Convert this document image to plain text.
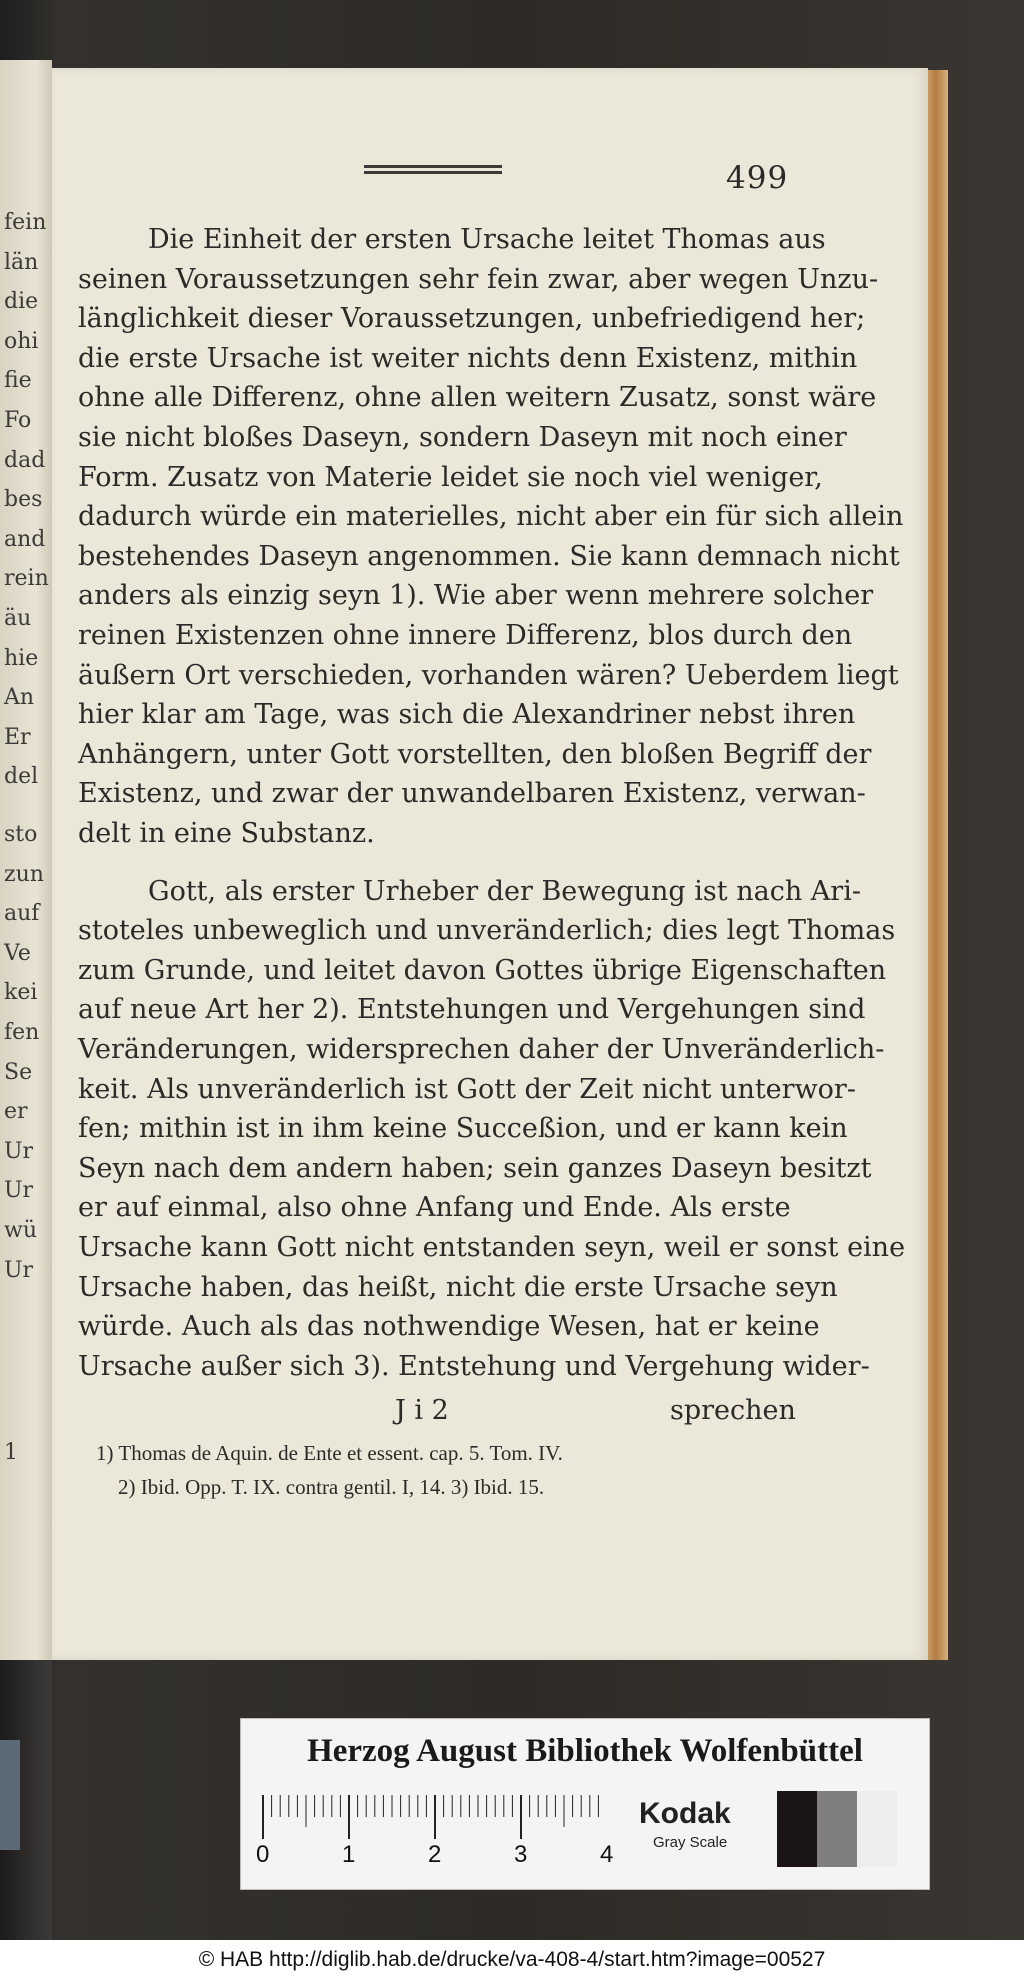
fein
län
die
ohi
fie
Fo
dad
bes
and
rein
äu
hie
An
Er
del
sto
zun
auf
Ve
kei
fen
Se
er
Ur
Ur
wü
Ur
1
499
Die Einheit der ersten Ursache leitet Thomas aus
seinen Voraussetzungen sehr fein zwar, aber wegen Unzu-
länglichkeit dieser Voraussetzungen, unbefriedigend her;
die erste Ursache ist weiter nichts denn Existenz, mithin
ohne alle Differenz, ohne allen weitern Zusatz, sonst wäre
sie nicht bloßes Daseyn, sondern Daseyn mit noch einer
Form. Zusatz von Materie leidet sie noch viel weniger,
dadurch würde ein materielles, nicht aber ein für sich allein
bestehendes Daseyn angenommen. Sie kann demnach nicht
anders als einzig seyn 1). Wie aber wenn mehrere solcher
reinen Existenzen ohne innere Differenz, blos durch den
äußern Ort verschieden, vorhanden wären? Ueberdem liegt
hier klar am Tage, was sich die Alexandriner nebst ihren
Anhängern, unter Gott vorstellten, den bloßen Begriff der
Existenz, und zwar der unwandelbaren Existenz, verwan-
delt in eine Substanz.
Gott, als erster Urheber der Bewegung ist nach Ari-
stoteles unbeweglich und unveränderlich; dies legt Thomas
zum Grunde, und leitet davon Gottes übrige Eigenschaften
auf neue Art her 2). Entstehungen und Vergehungen sind
Veränderungen, widersprechen daher der Unveränderlich-
keit. Als unveränderlich ist Gott der Zeit nicht unterwor-
fen; mithin ist in ihm keine Succeßion, und er kann kein
Seyn nach dem andern haben; sein ganzes Daseyn besitzt
er auf einmal, also ohne Anfang und Ende. Als erste
Ursache kann Gott nicht entstanden seyn, weil er sonst eine
Ursache haben, das heißt, nicht die erste Ursache seyn
würde. Auch als das nothwendige Wesen, hat er keine
Ursache außer sich 3). Entstehung und Vergehung wider-
J i 2	sprechen
1) Thomas de Aquin. de Ente et essent. cap. 5. Tom. IV.
2) Ibid. Opp. T. IX. contra gentil. I, 14. 3) Ibid. 15.
Herzog August Bibliothek Wolfenbüttel
0	1	2	3	4
Kodak
Gray Scale
© HAB http://diglib.hab.de/drucke/va-408-4/start.htm?image=00527
